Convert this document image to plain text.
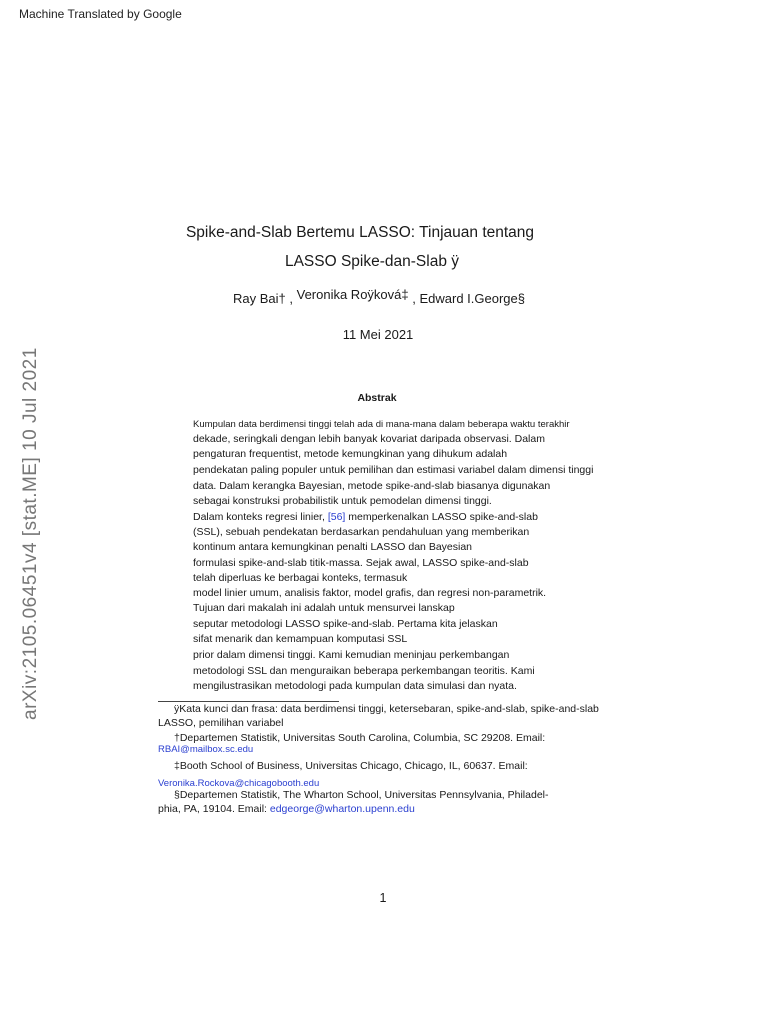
Machine Translated by Google
Spike-and-Slab Bertemu LASSO: Tinjauan tentang
LASSO Spike-dan-Slab ÿ
Ray Bai† , Veronika Roÿková‡ , Edward I.George§
11 Mei 2021
Abstrak
Kumpulan data berdimensi tinggi telah ada di mana-mana dalam beberapa waktu terakhir
dekade, seringkali dengan lebih banyak kovariat daripada observasi. Dalam
pengaturan frequentist, metode kemungkinan yang dihukum adalah
pendekatan paling populer untuk pemilihan dan estimasi variabel dalam dimensi tinggi
data. Dalam kerangka Bayesian, metode spike-and-slab biasanya digunakan
sebagai konstruksi probabilistik untuk pemodelan dimensi tinggi.
Dalam konteks regresi linier, [56] memperkenalkan LASSO spike-and-slab
(SSL), sebuah pendekatan berdasarkan pendahuluan yang memberikan
kontinum antara kemungkinan penalti LASSO dan Bayesian
formulasi spike-and-slab titik-massa. Sejak awal, LASSO spike-and-slab
telah diperluas ke berbagai konteks, termasuk
model linier umum, analisis faktor, model grafis, dan regresi non-parametrik.
Tujuan dari makalah ini adalah untuk mensurvei lanskap
seputar metodologi LASSO spike-and-slab. Pertama kita jelaskan
sifat menarik dan kemampuan komputasi SSL
prior dalam dimensi tinggi. Kami kemudian meninjau perkembangan
metodologi SSL dan menguraikan beberapa perkembangan teoritis. Kami
mengilustrasikan metodologi pada kumpulan data simulasi dan nyata.
ÿKata kunci dan frasa: data berdimensi tinggi, ketersebaran, spike-and-slab, spike-and-slab
LASSO, pemilihan variabel
†Departemen Statistik, Universitas South Carolina, Columbia, SC 29208. Email:
RBAI@mailbox.sc.edu
‡Booth School of Business, Universitas Chicago, Chicago, IL, 60637. Email:
Veronika.Rockova@chicagobooth.edu
§Departemen Statistik, The Wharton School, Universitas Pennsylvania, Philadel-
phia, PA, 19104. Email: edgeorge@wharton.upenn.edu
arXiv:2105.06451v4 [stat.ME] 10 Jul 2021
1
